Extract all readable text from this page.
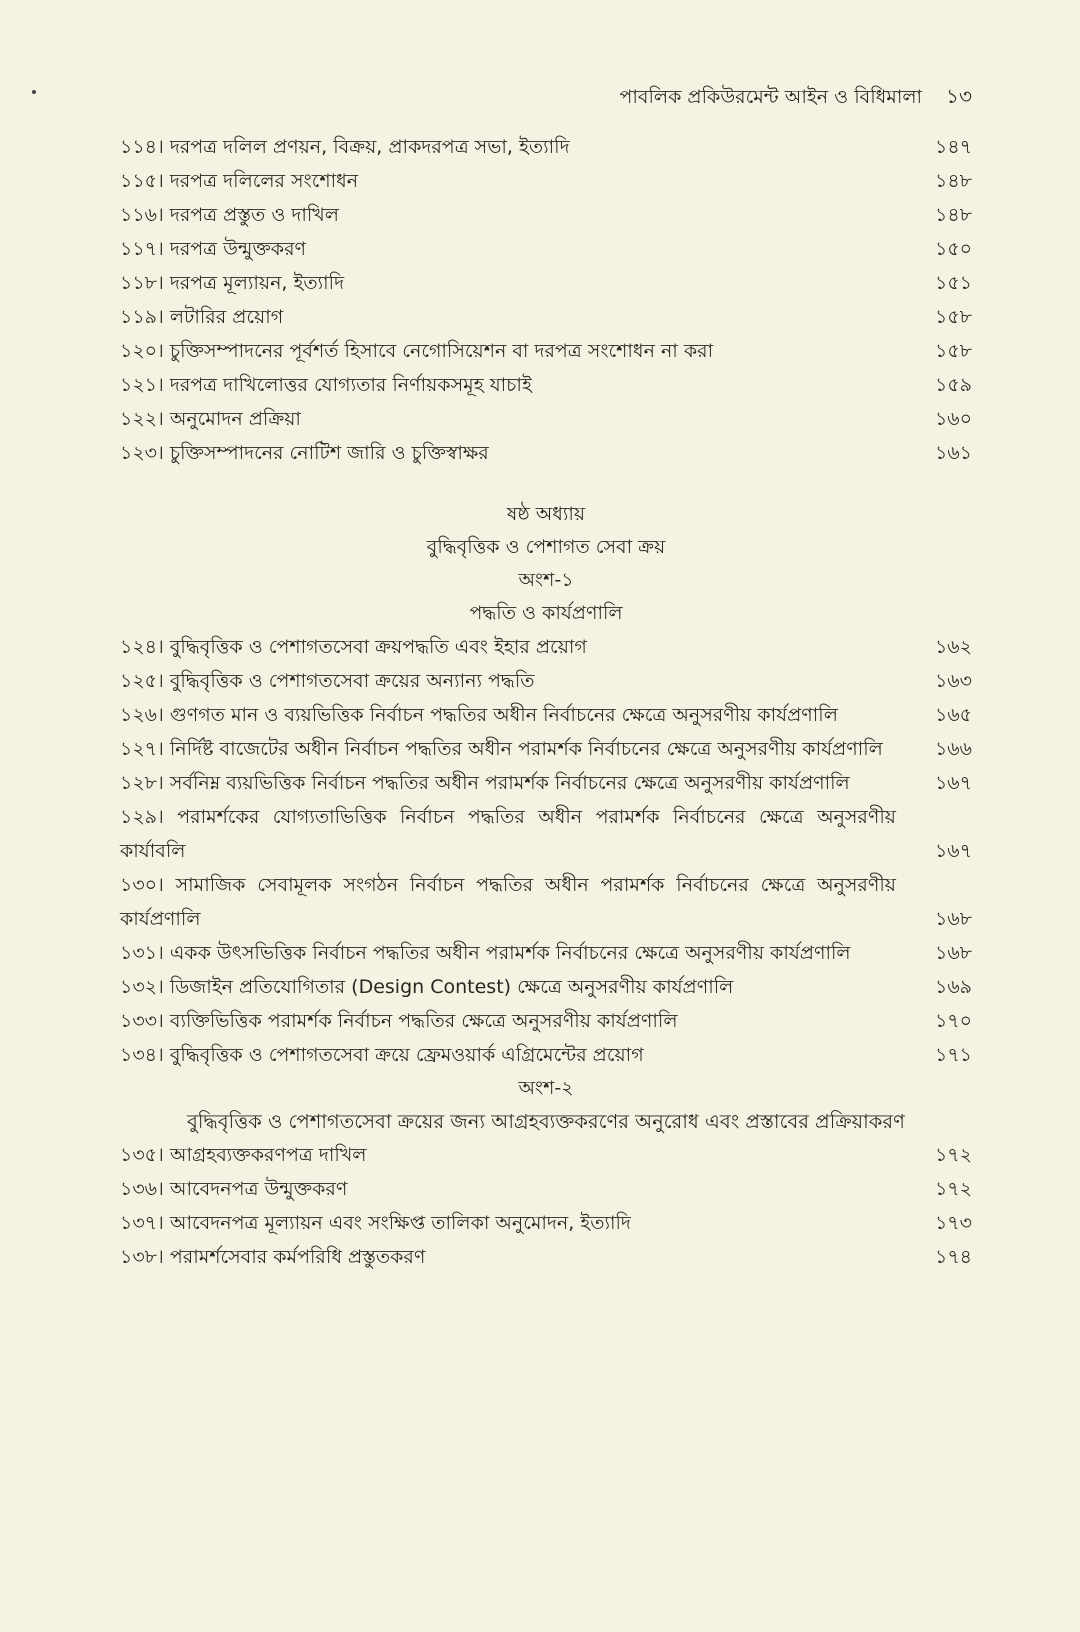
পাবলিক প্রকিউরমেন্ট আইন ও বিধিমালা ১৩
১১৪। দরপত্র দলিল প্রণয়ন, বিক্রয়, প্রাকদরপত্র সভা, ইত্যাদি	১৪৭
১১৫। দরপত্র দলিলের সংশোধন	১৪৮
১১৬। দরপত্র প্রস্তুত ও দাখিল	১৪৮
১১৭। দরপত্র উন্মুক্তকরণ	১৫০
১১৮। দরপত্র মূল্যায়ন, ইত্যাদি	১৫১
১১৯। লটারির প্রয়োগ	১৫৮
১২০। চুক্তিসম্পাদনের পূর্বশর্ত হিসাবে নেগোসিয়েশন বা দরপত্র সংশোধন না করা	১৫৮
১২১। দরপত্র দাখিলোত্তর যোগ্যতার নির্ণায়কসমূহ যাচাই	১৫৯
১২২। অনুমোদন প্রক্রিয়া	১৬০
১২৩। চুক্তিসম্পাদনের নোটিশ জারি ও চুক্তিস্বাক্ষর	১৬১
ষষ্ঠ অধ্যায়
বুদ্ধিবৃত্তিক ও পেশাগত সেবা ক্রয়
অংশ-১
পদ্ধতি ও কার্যপ্রণালি
১২৪। বুদ্ধিবৃত্তিক ও পেশাগতসেবা ক্রয়পদ্ধতি এবং ইহার প্রয়োগ	১৬২
১২৫। বুদ্ধিবৃত্তিক ও পেশাগতসেবা ক্রয়ের অন্যান্য পদ্ধতি	১৬৩
১২৬। গুণগত মান ও ব্যয়ভিত্তিক নির্বাচন পদ্ধতির অধীন নির্বাচনের ক্ষেত্রে অনুসরণীয় কার্যপ্রণালি	১৬৫
১২৭। নির্দিষ্ট বাজেটের অধীন নির্বাচন পদ্ধতির অধীন পরামর্শক নির্বাচনের ক্ষেত্রে অনুসরণীয় কার্যপ্রণালি	১৬৬
১২৮। সর্বনিম্ন ব্যয়ভিত্তিক নির্বাচন পদ্ধতির অধীন পরামর্শক নির্বাচনের ক্ষেত্রে অনুসরণীয় কার্যপ্রণালি	১৬৭
১২৯। পরামর্শকের যোগ্যতাভিত্তিক নির্বাচন পদ্ধতির অধীন পরামর্শক নির্বাচনের ক্ষেত্রে অনুসরণীয় কার্যাবলি	১৬৭
১৩০। সামাজিক সেবামূলক সংগঠন নির্বাচন পদ্ধতির অধীন পরামর্শক নির্বাচনের ক্ষেত্রে অনুসরণীয় কার্যপ্রণালি	১৬৮
১৩১। একক উৎসভিত্তিক নির্বাচন পদ্ধতির অধীন পরামর্শক নির্বাচনের ক্ষেত্রে অনুসরণীয় কার্যপ্রণালি	১৬৮
১৩২। ডিজাইন প্রতিযোগিতার (Design Contest) ক্ষেত্রে অনুসরণীয় কার্যপ্রণালি	১৬৯
১৩৩। ব্যক্তিভিত্তিক পরামর্শক নির্বাচন পদ্ধতির ক্ষেত্রে অনুসরণীয় কার্যপ্রণালি	১৭০
১৩৪। বুদ্ধিবৃত্তিক ও পেশাগতসেবা ক্রয়ে ফ্রেমওয়ার্ক এগ্রিমেন্টের প্রয়োগ	১৭১
অংশ-২
বুদ্ধিবৃত্তিক ও পেশাগতসেবা ক্রয়ের জন্য আগ্রহব্যক্তকরণের অনুরোধ এবং প্রস্তাবের প্রক্রিয়াকরণ
১৩৫। আগ্রহব্যক্তকরণপত্র দাখিল	১৭২
১৩৬। আবেদনপত্র উন্মুক্তকরণ	১৭২
১৩৭। আবেদনপত্র মূল্যায়ন এবং সংক্ষিপ্ত তালিকা অনুমোদন, ইত্যাদি	১৭৩
১৩৮। পরামর্শসেবার কর্মপরিধি প্রস্তুতকরণ	১৭৪
